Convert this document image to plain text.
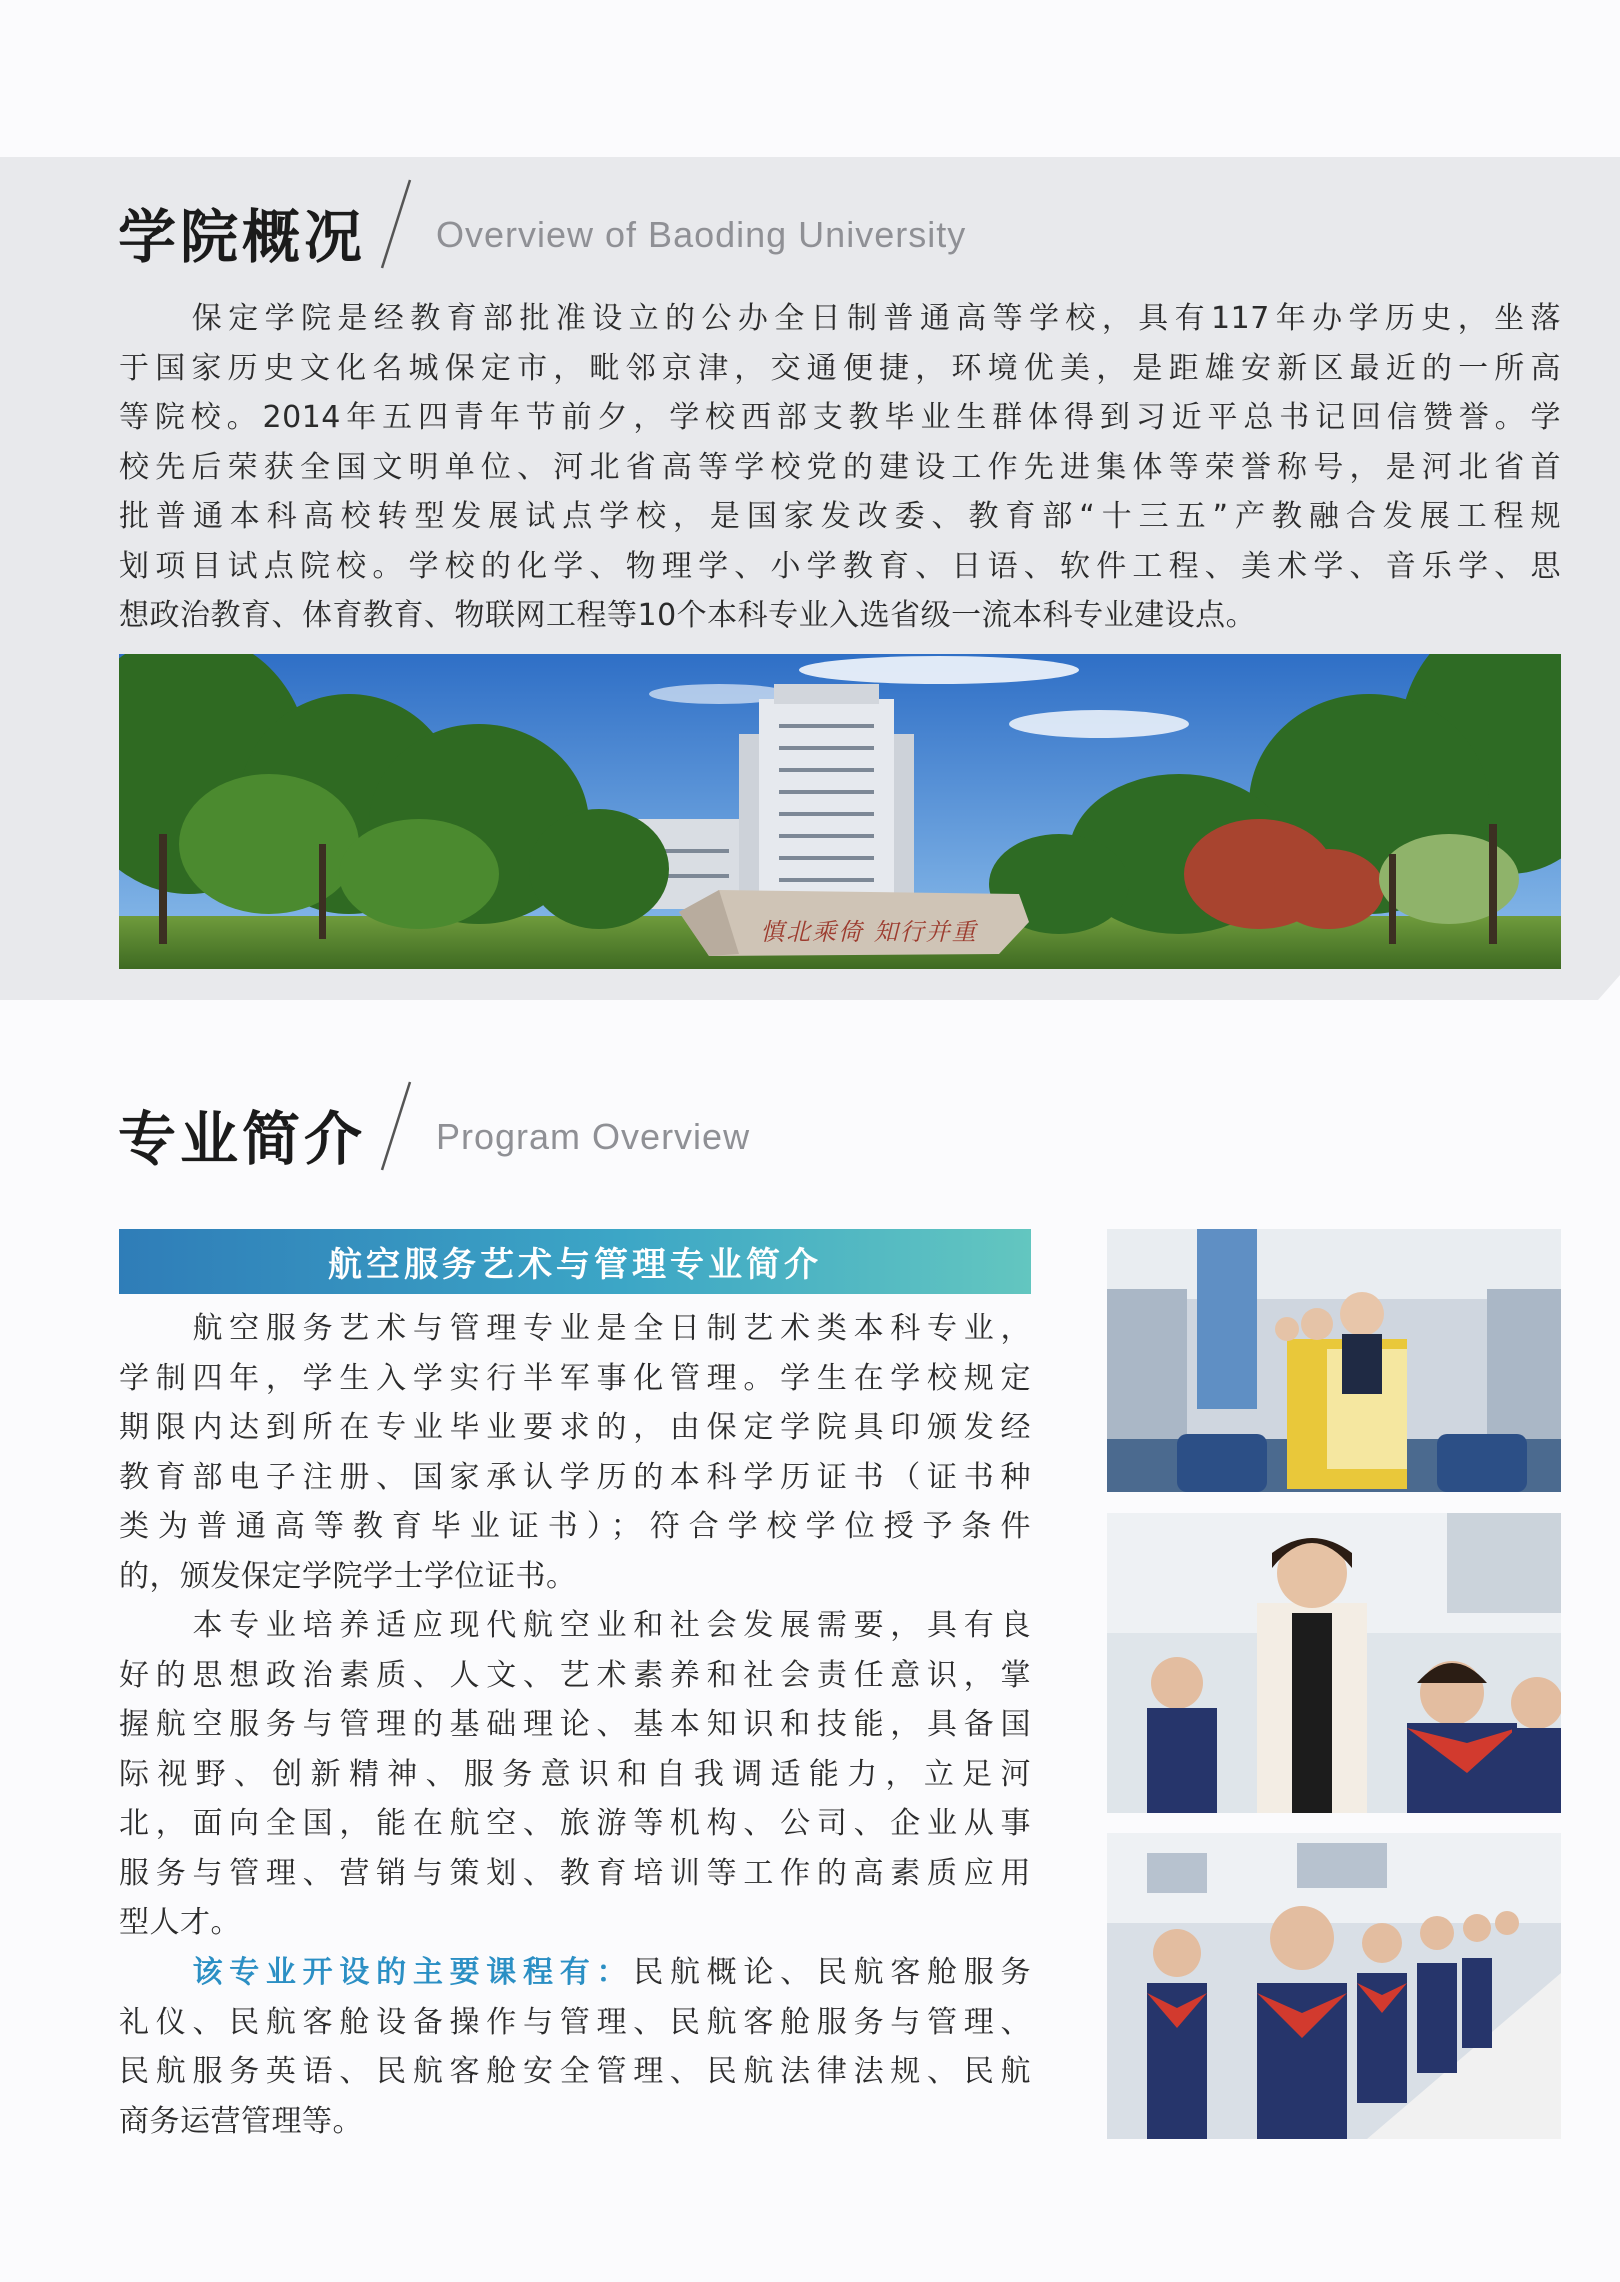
学院概况 Overview of Baoding University
　　保定学院是经教育部批准设立的公办全日制普通高等学校，具有117年办学历史，坐落
于国家历史文化名城保定市，毗邻京津，交通便捷，环境优美，是距雄安新区最近的一所高
等院校。2014年五四青年节前夕，学校西部支教毕业生群体得到习近平总书记回信赞誉。学
校先后荣获全国文明单位、河北省高等学校党的建设工作先进集体等荣誉称号，是河北省首
批普通本科高校转型发展试点学校，是国家发改委、教育部“十三五”产教融合发展工程规
划项目试点院校。学校的化学、物理学、小学教育、日语、软件工程、美术学、音乐学、思
想政治教育、体育教育、物联网工程等10个本科专业入选省级一流本科专业建设点。
慎北乘倚 知行并重
专业简介 Program Overview
航空服务艺术与管理专业简介
　　航空服务艺术与管理专业是全日制艺术类本科专业，
学制四年，学生入学实行半军事化管理。学生在学校规定
期限内达到所在专业毕业要求的，由保定学院具印颁发经
教育部电子注册、国家承认学历的本科学历证书（证书种
类为普通高等教育毕业证书）；符合学校学位授予条件
的，颁发保定学院学士学位证书。
　　本专业培养适应现代航空业和社会发展需要，具有良
好的思想政治素质、人文、艺术素养和社会责任意识，掌
握航空服务与管理的基础理论、基本知识和技能，具备国
际视野、创新精神、服务意识和自我调适能力，立足河
北，面向全国，能在航空、旅游等机构、公司、企业从事
服务与管理、营销与策划、教育培训等工作的高素质应用
型人才。
　　该专业开设的主要课程有：民航概论、民航客舱服务
礼仪、民航客舱设备操作与管理、民航客舱服务与管理、
民航服务英语、民航客舱安全管理、民航法律法规、民航
商务运营管理等。
